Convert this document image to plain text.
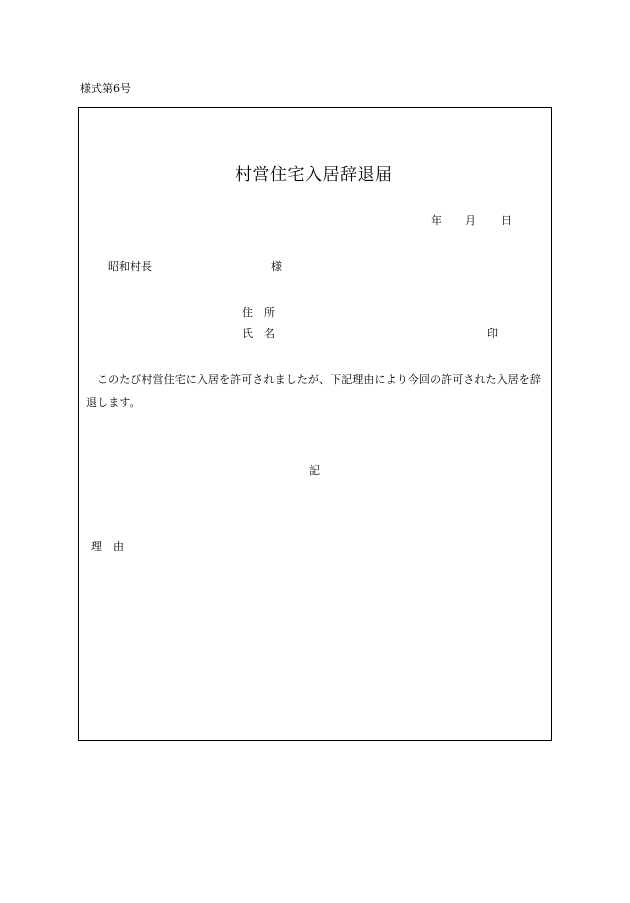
様式第6号
村営住宅入居辞退届
年 月 日
昭和村長	様
住所
氏名	印
このたび村営住宅に入居を許可されましたが、下記理由により今回の許可された入居を辞退します。
記
理由
